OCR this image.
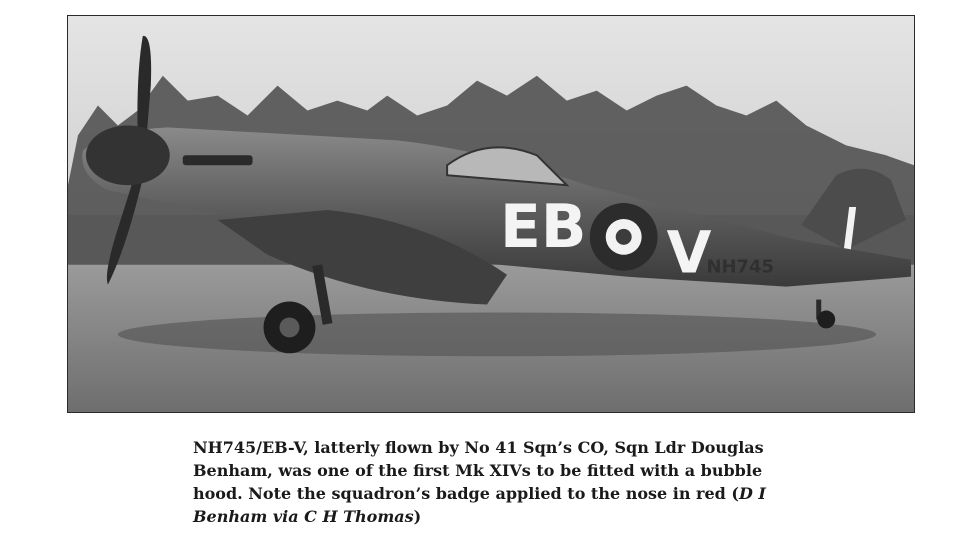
EB V
NH745
NH745/EB-V, latterly flown by No 41 Sqn’s CO, Sqn Ldr Douglas Benham, was one of the first Mk XIVs to be fitted with a bubble hood. Note the squadron’s badge applied to the nose in red (D I Benham via C H Thomas)
